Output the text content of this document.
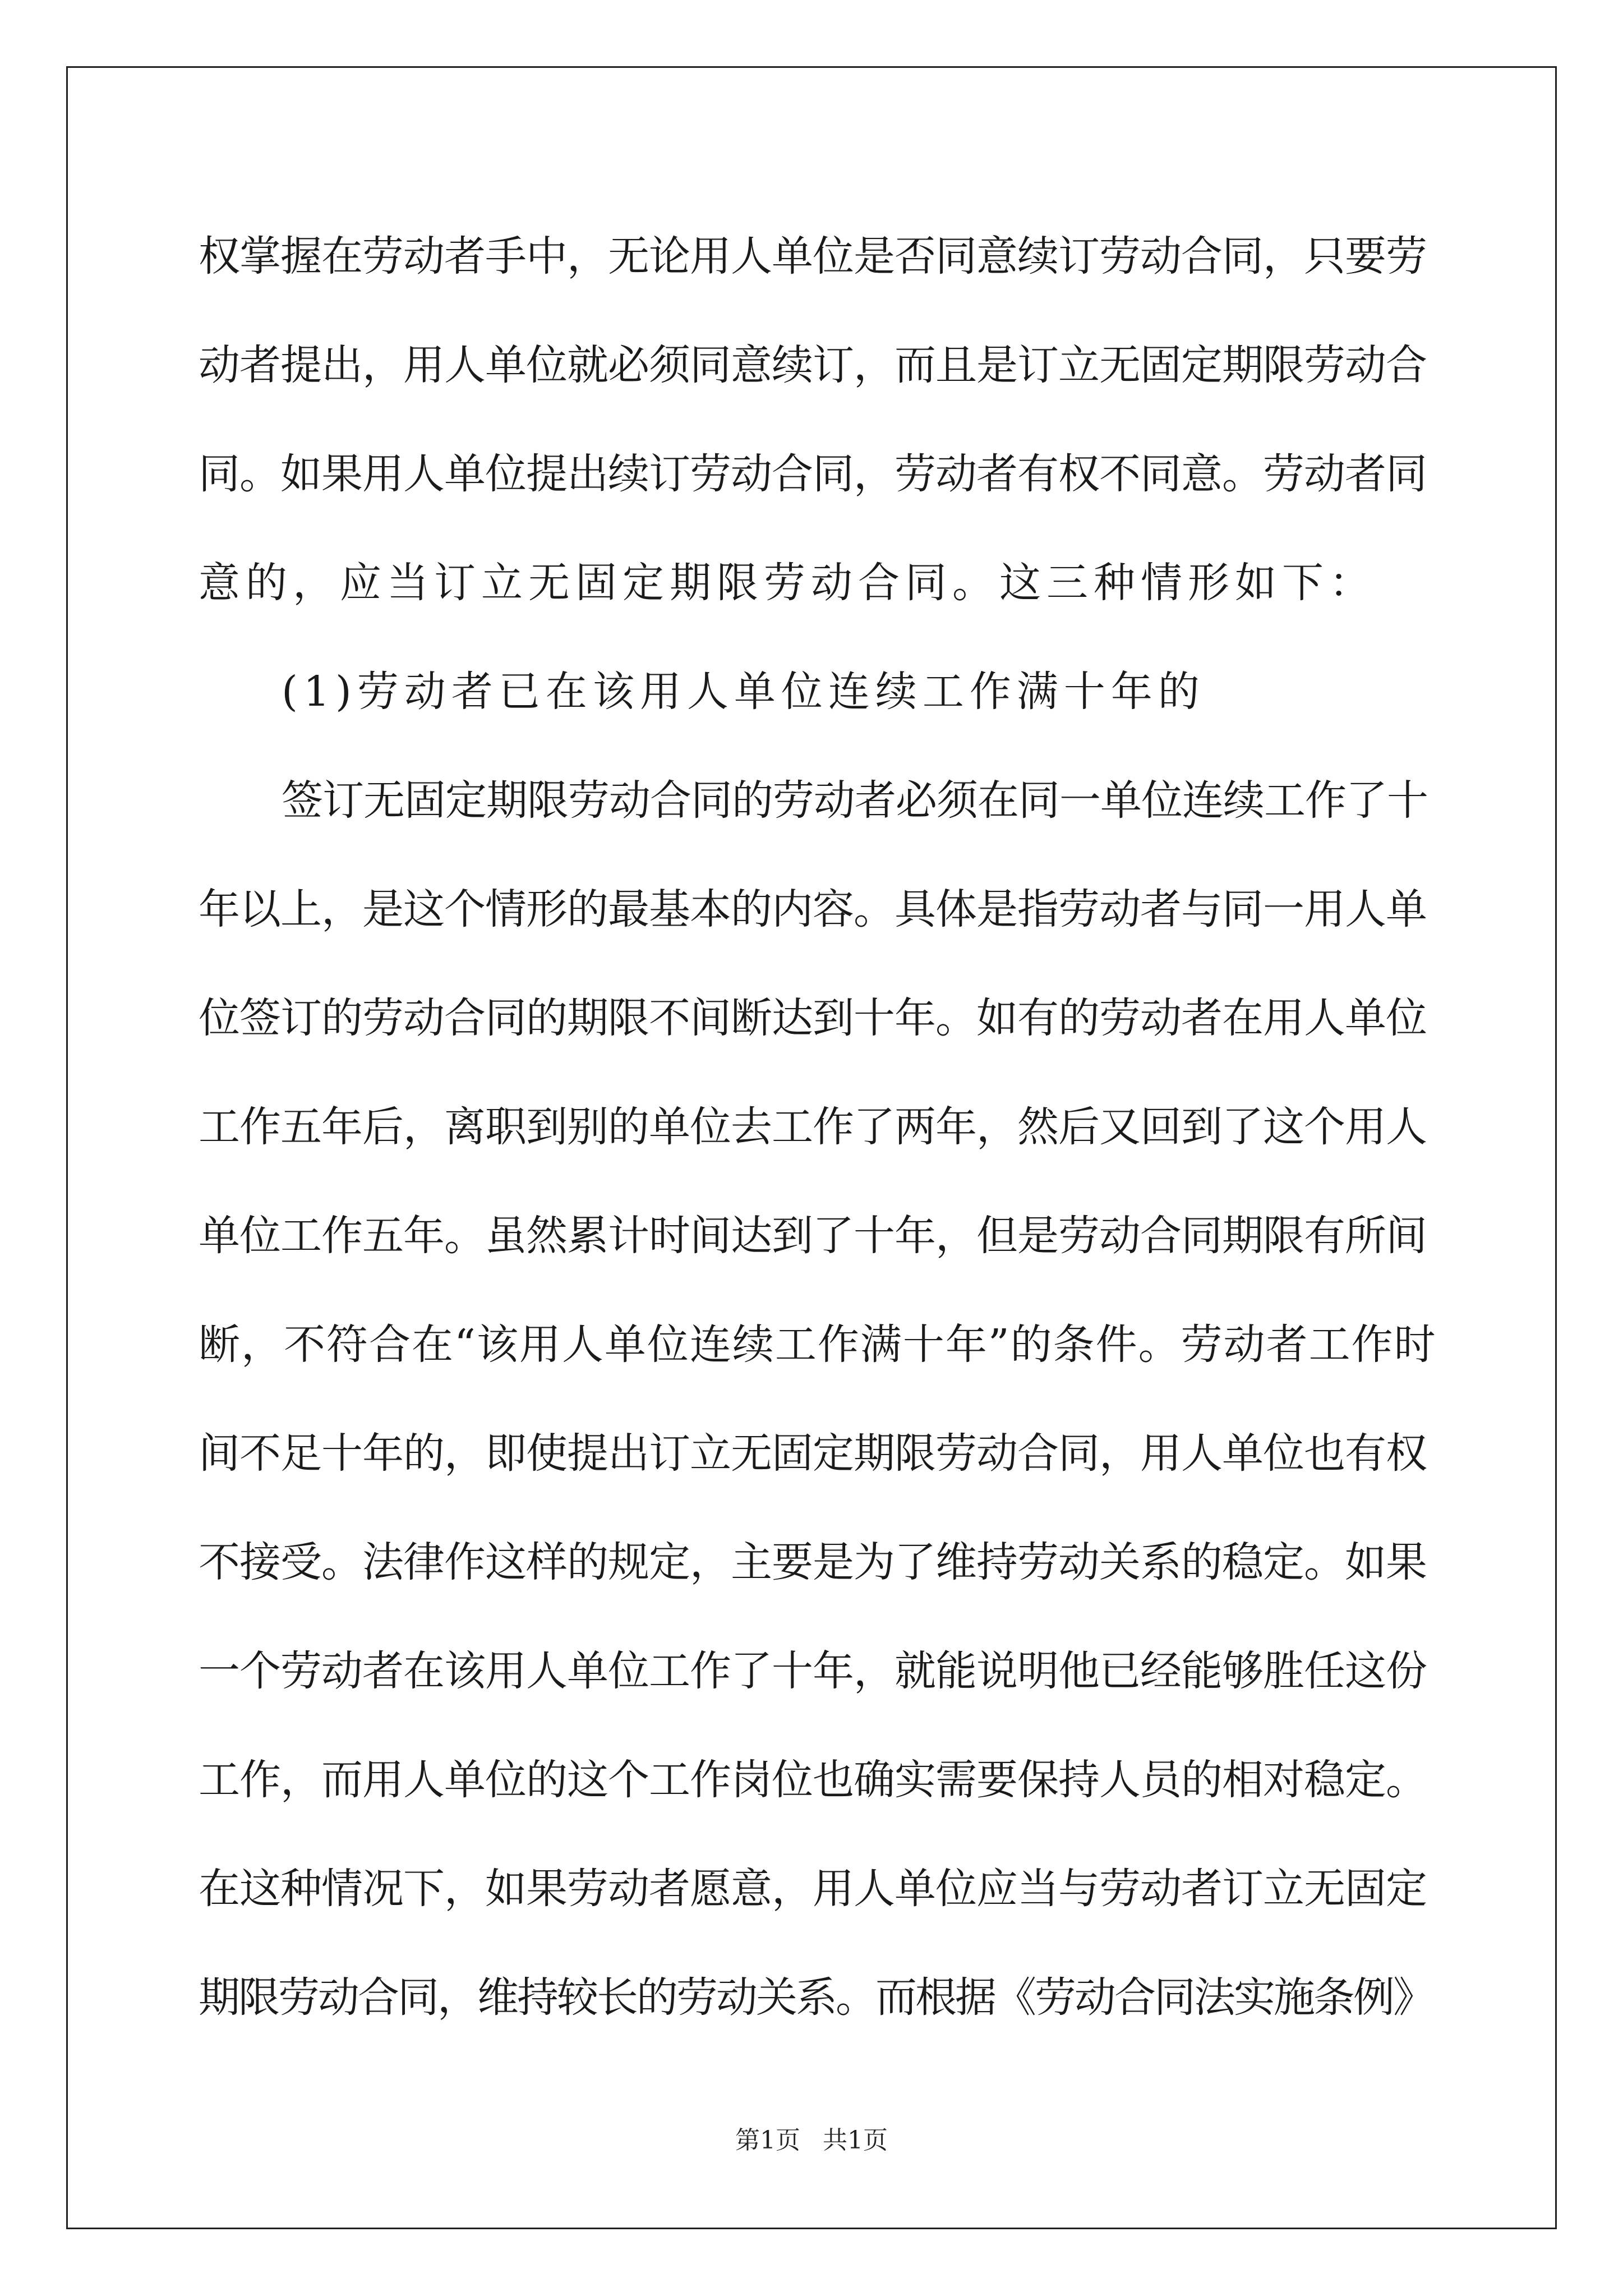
权掌握在劳动者手中，无论用人单位是否同意续订劳动合同，只要劳
动者提出，用人单位就必须同意续订，而且是订立无固定期限劳动合
同。如果用人单位提出续订劳动合同，劳动者有权不同意。劳动者同
意的，应当订立无固定期限劳动合同。这三种情形如下：
(1)劳动者已在该用人单位连续工作满十年的
签订无固定期限劳动合同的劳动者必须在同一单位连续工作了十
年以上，是这个情形的最基本的内容。具体是指劳动者与同一用人单
位签订的劳动合同的期限不间断达到十年。如有的劳动者在用人单位
工作五年后，离职到别的单位去工作了两年，然后又回到了这个用人
单位工作五年。虽然累计时间达到了十年，但是劳动合同期限有所间
断，不符合在“该用人单位连续工作满十年”的条件。劳动者工作时
间不足十年的，即使提出订立无固定期限劳动合同，用人单位也有权
不接受。法律作这样的规定，主要是为了维持劳动关系的稳定。如果
一个劳动者在该用人单位工作了十年，就能说明他已经能够胜任这份
工作，而用人单位的这个工作岗位也确实需要保持人员的相对稳定。
在这种情况下，如果劳动者愿意，用人单位应当与劳动者订立无固定
期限劳动合同，维持较长的劳动关系。而根据《劳动合同法实施条例》
第1页 共1页
